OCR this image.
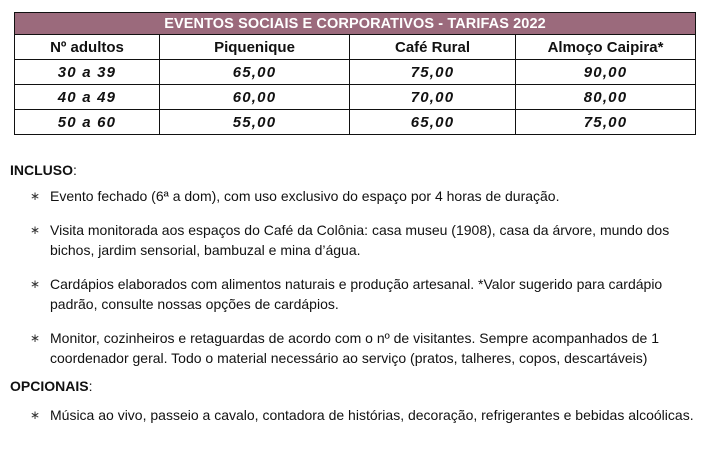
EVENTOS SOCIAIS E CORPORATIVOS - TARIFAS 2022			
Nº adultos	Piquenique	Café Rural	Almoço Caipira*
30 a 39	65,00	75,00	90,00
40 a 49	60,00	70,00	80,00
50 a 60	55,00	65,00	75,00
INCLUSO:
∗ Evento fechado (6ª a dom), com uso exclusivo do espaço por 4 horas de duração.
∗ Visita monitorada aos espaços do Café da Colônia: casa museu (1908), casa da árvore, mundo dos bichos, jardim sensorial, bambuzal e mina d’água.
∗ Cardápios elaborados com alimentos naturais e produção artesanal. *Valor sugerido para cardápio padrão, consulte nossas opções de cardápios.
∗ Monitor, cozinheiros e retaguardas de acordo com o nº de visitantes. Sempre acompanhados de 1 coordenador geral. Todo o material necessário ao serviço (pratos, talheres, copos, descartáveis)
OPCIONAIS:
∗ Música ao vivo, passeio a cavalo, contadora de histórias, decoração, refrigerantes e bebidas alcoólicas.
